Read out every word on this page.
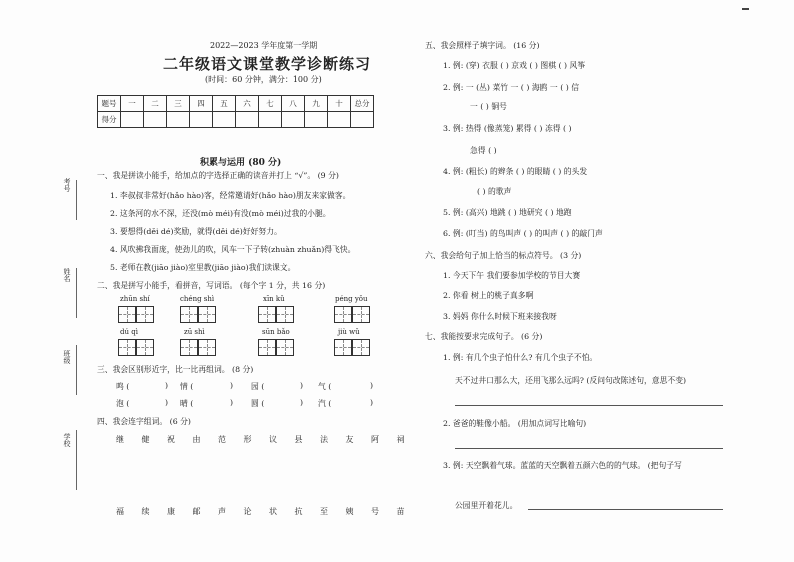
考号
姓名
班级
学校
2022—2023 学年度第一学期
二年级语文课堂教学诊断练习
(时间：60 分钟，满分：100 分)
题号	一	二	三	四	五	六	七	八	九	十	总分
得分											
积累与运用 (80 分)
一、我是拼读小能手，给加点的字选择正确的读音并打上 “√”。 (9 分)
1. 李叔叔非常好(hǎo hào)客，经常邀请好(hǎo hào)朋友来家做客。
2. 这条河的水不深，还没(mò méi)有没(mò méi)过我的小腿。
3. 要想得(děi dé)奖励，就得(děi dé)好好努力。
4. 风吹拂我面庞，使劲儿的吹，风车一下子转(zhuàn zhuǎn)得飞快。
5. 老师在教(jiāo jiào)室里教(jiāo jiào)我们读课文。
二、我是拼写小能手，看拼音，写词语。 (每个字 1 分，共 16 分)
zhūn shí	chéng shì	xīn kǔ	péng yǒu
dú qì	zū shì	sūn bǎo	jiù wǔ
三、我会区别形近字，比一比再组词。 (8 分)
鸣 (	) 情 (	) 园 (	) 气 (	)
泡 (	) 晴 (	) 圆 (	) 汽 (	)
四、我会连字组词。 (6 分)
继 健 祝 由 范 形 议 县 法 友 阿 祠
福 续 康 邮 声 论 状 抗 至 姨 号 苗
五、我会照样子填字词。 (16 分)
1. 例: (穿) 衣服 ( ) 京戏 ( ) 图棋 ( ) 风筝
2. 例: 一 (丛) 菜竹 一 ( ) 海鸥 一 ( ) 信
一 ( ) 铜号
3. 例: 热得 (像蒸笼) 累得 ( ) 冻得 ( )
急得 ( )
4. 例: (粗长) 的辫条 ( ) 的眼睛 ( ) 的头发
( ) 的歌声
5. 例: (高兴) 地跳 ( ) 地研究 ( ) 地跑
6. 例: (叮当) 的鸟叫声 ( ) 的叫声 ( ) 的敲门声
六、我会给句子加上恰当的标点符号。 (3 分)
1. 今天下午 我们要参加学校的节目大赛
2. 你看 树上的桃子真多啊
3. 妈妈 你什么时候下班来接我呀
七、我能按要求完成句子。 (6 分)
1. 例: 有几个虫子怕什么? 有几个虫子不怕。
天不过井口那么大，还用飞那么远吗? (反问句改陈述句，意思不变)
2. 爸爸的鞋像小船。 (用加点词写比喻句)
3. 例: 天空飘着气球。蓝蓝的天空飘着五颜六色的的气球。 (把句子写
公园里开着花儿。
